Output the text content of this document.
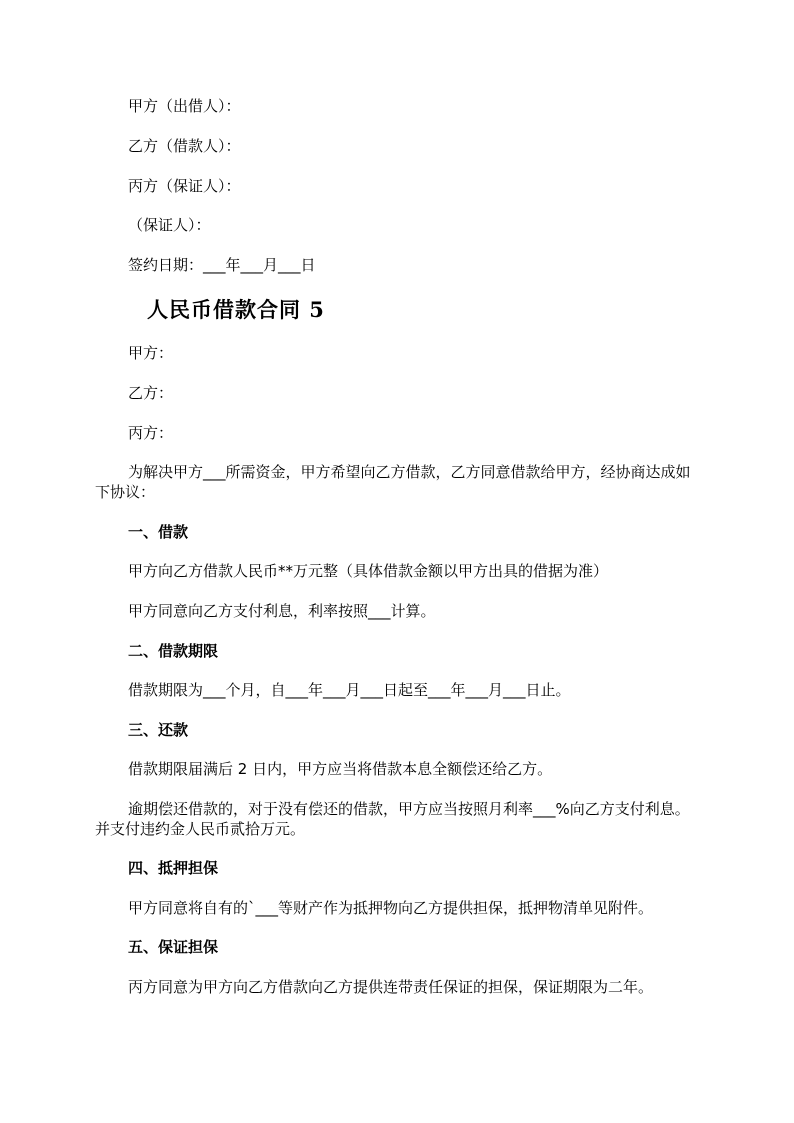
甲方（出借人）：
乙方（借款人）：
丙方（保证人）：
（保证人）：
签约日期：___年___月___日
人民币借款合同 5
甲方：
乙方：
丙方：
为解决甲方___所需资金，甲方希望向乙方借款，乙方同意借款给甲方，经协商达成如下协议：
一、借款
甲方向乙方借款人民币**万元整（具体借款金额以甲方出具的借据为准）
甲方同意向乙方支付利息，利率按照___计算。
二、借款期限
借款期限为___个月，自___年___月___日起至___年___月___日止。
三、还款
借款期限届满后 2 日内，甲方应当将借款本息全额偿还给乙方。
逾期偿还借款的，对于没有偿还的借款，甲方应当按照月利率___%向乙方支付利息。并支付违约金人民币贰拾万元。
四、抵押担保
甲方同意将自有的`___等财产作为抵押物向乙方提供担保，抵押物清单见附件。
五、保证担保
丙方同意为甲方向乙方借款向乙方提供连带责任保证的担保，保证期限为二年。
